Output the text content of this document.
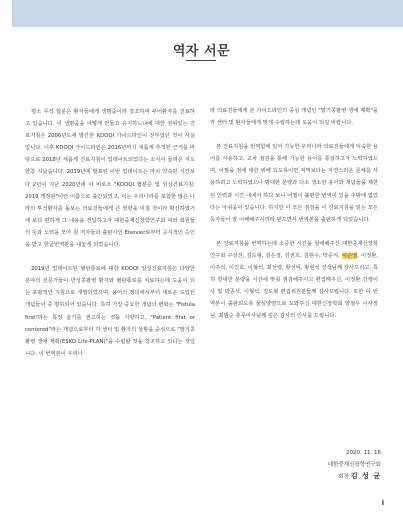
역자 서문

평소 무석 협분은 환자들에게 생명줌이라 강조하며 두어환자를 진료하고 있습니다. 이 생명줌을 어떻게 만들고 유지하느냐에 대한 권위있는 진료지침은 2006년도에 발간한 KDOQI 가이드라인이 전부였던 것이 사실입니다. 이후 KDOQI 가이드라인은 2016년까지 새롭게 추적된 근거를 바탕으로 2018년 새롭게 진료지침이 업데이트되었다는 소식이 들려온 지도 한참 지났습니다. 2019년에 발표된 이번 업데이트는 마치 약속된 시간보다 2년이 지난 2020년에 야 비로소 "KDOQI 협분증 및 임상진료지침: 2019 개정판"이란 이름으로 출간되었고, 이는 우리나라를 포함한 많은 나라의 투석환자를 돌보는 의료진들에게 큰 영향을 미칠 것이라 확신하였기에 보다 편하게 그 내용을 전달하고자 대한중재신장학연구회 여러 회원들의 뜻과 노력을 모아 원 저자들과 출판사인 Elsevier로부터 공식적인 승인을 받고 한글번역판을 내놓게 되었습니다.

2019년 업데이트된 혈관통로에 대한 KDOQI 임상진료지침은 다양한 분야의 전문가들이 만성콩팥병 환자와 혈관통로를 치료하는데 도움이 되는 포괄적인 지침으로 개발되었으며, 용어의 정의에서부터 새로운 도입된 개념들이 중 명하되어 있습니다. 특히 가장 중요한 개념의 변화는 "Fistula first"라는 특정 슬기를 권고하는 것을 지양하고, "Patient first or centered"라는 개념으로부터 각 센터 및 환자의 상황을 중심으로 "말기콩팥병 생애 계획(ESKD Life-PLAN)"을 수립할 것을 강조하고 있다는 것입니다. 이 번역본이 우리나

라 의료진들에게 본 가이드라인의 중심 개념인 "말기콩팥병 생애 계획"을 각 센터 및 환자들에게 맞게 수립하는데 도움이 되길 바랍니다.

본 진료지침을 번역함에 있어 가능한 우리나라 의료진들에게 익숙한 용어를 사용하고, 교차 점검을 통해 가능한 용어를 통일하고자 노력하였으며, 어쩔을 점에 대한 위해 되도록이면 직역보다는 자연스러운 문체를 사용하려고 노력하였으나 방대한 분량과 다소 생소한 용어와 개념들을 제한된 인력과 시간 내에서 하다 보니 어쩔이 불편한 번역이 있을 수밖에 없었다는 아쉬움이 있습니다. 하지만 이 모든 점검을 이 진료지침을 읽는 모든 독자들이 잘 이해해주시리라 믿으면서 번역본을 출판하게 되었습니다.

본 진료지침을 번역하는데 소중한 시간을 할애해주신 대한중재신장학연구회 구상진, 김도형, 김은정, 김전호, 김현수, 박준식, 이은영, 이정환, 이주석, 이진호, 이형석, 최선령, 황선덕, 황현석 선생님께 감사드리고, 특히 방대한 분량을 시간에 맞춰 점검해주시고 편집해주신, 이정환 간행이사 및 박종석, 이형석, 김도형 편집위원분들께 감사드립니다. 또한 이 번역본이 출판되도록 물심양면으로 도와주신 대한신장학회 양철우 이사장님, 최범순 총무이사님께 깊은 감사의 인사를 드립니다.

2020. 11. 16
대한중재신장학연구회
회장 김 성 균
i
